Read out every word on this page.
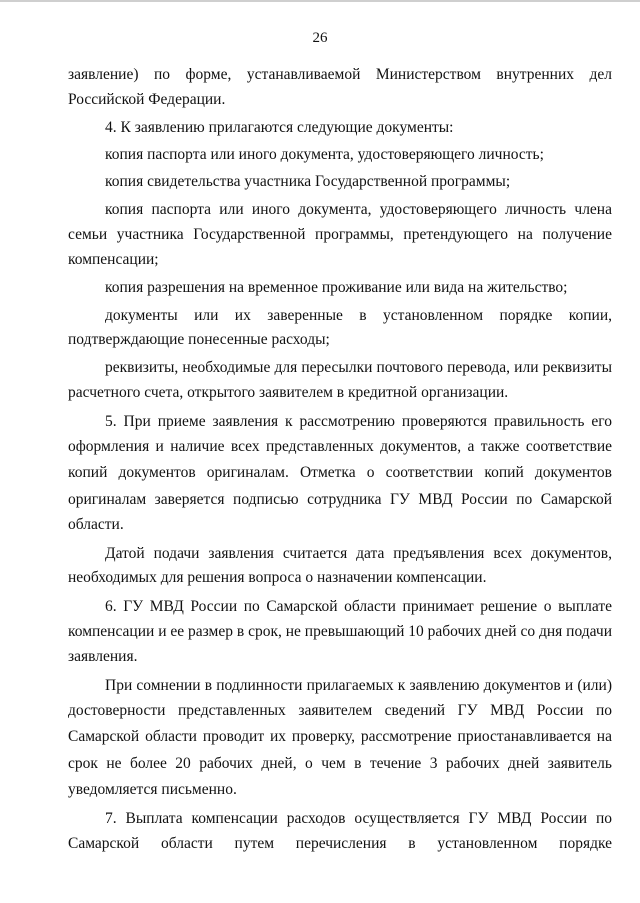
26
заявление) по форме, устанавливаемой Министерством внутренних дел
Российской Федерации.
4. К заявлению прилагаются следующие документы:
копия паспорта или иного документа, удостоверяющего личность;
копия свидетельства участника Государственной программы;
копия паспорта или иного документа, удостоверяющего личность члена
семьи участника Государственной программы, претендующего на получение
компенсации;
копия разрешения на временное проживание или вида на жительство;
документы или их заверенные в установленном порядке копии,
подтверждающие понесенные расходы;
реквизиты, необходимые для пересылки почтового перевода, или реквизиты
расчетного счета, открытого заявителем в кредитной организации.
5. При приеме заявления к рассмотрению проверяются правильность его
оформления и наличие всех представленных документов, а также соответствие
копий документов оригиналам. Отметка о соответствии копий документов
оригиналам заверяется подписью сотрудника ГУ МВД России по Самарской
области.
Датой подачи заявления считается дата предъявления всех документов,
необходимых для решения вопроса о назначении компенсации.
6. ГУ МВД России по Самарской области принимает решение о выплате
компенсации и ее размер в срок, не превышающий 10 рабочих дней со дня подачи
заявления.
При сомнении в подлинности прилагаемых к заявлению документов и (или)
достоверности представленных заявителем сведений ГУ МВД России по
Самарской области проводит их проверку, рассмотрение приостанавливается на
срок не более 20 рабочих дней, о чем в течение 3 рабочих дней заявитель
уведомляется письменно.
7. Выплата компенсации расходов осуществляется ГУ МВД России по
Самарской области путем перечисления в установленном порядке
